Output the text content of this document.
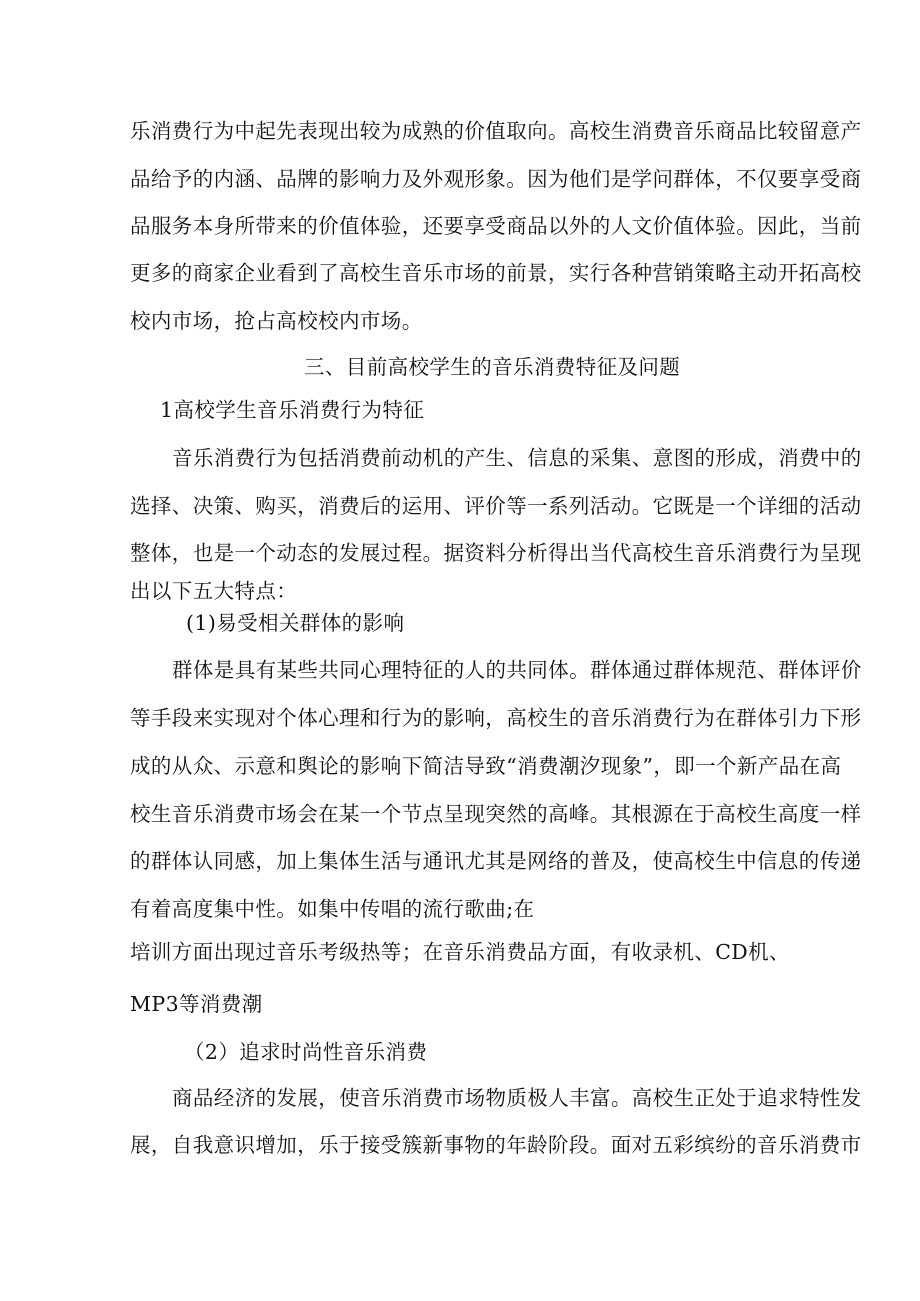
乐消费行为中起先表现出较为成熟的价值取向。高校生消费音乐商品比较留意产
品给予的内涵、品牌的影响力及外观形象。因为他们是学问群体，不仅要享受商
品服务本身所带来的价值体验，还要享受商品以外的人文价值体验。因此，当前
更多的商家企业看到了高校生音乐市场的前景，实行各种营销策略主动开拓高校
校内市场，抢占高校校内市场。
三、目前高校学生的音乐消费特征及问题
1高校学生音乐消费行为特征
音乐消费行为包括消费前动机的产生、信息的采集、意图的形成，消费中的
选择、决策、购买，消费后的运用、评价等一系列活动。它既是一个详细的活动
整体，也是一个动态的发展过程。据资料分析得出当代高校生音乐消费行为呈现
出以下五大特点：
(1)易受相关群体的影响
群体是具有某些共同心理特征的人的共同体。群体通过群体规范、群体评价
等手段来实现对个体心理和行为的影响，高校生的音乐消费行为在群体引力下形
成的从众、示意和舆论的影响下简洁导致“消费潮汐现象”，即一个新产品在高
校生音乐消费市场会在某一个节点呈现突然的高峰。其根源在于高校生高度一样
的群体认同感，加上集体生活与通讯尤其是网络的普及，使高校生中信息的传递
有着高度集中性。如集中传唱的流行歌曲;在
培训方面出现过音乐考级热等；在音乐消费品方面，有收录机、CD机、
MP3等消费潮
（2）追求时尚性音乐消费
商品经济的发展，使音乐消费市场物质极人丰富。高校生正处于追求特性发
展，自我意识增加，乐于接受簇新事物的年龄阶段。面对五彩缤纷的音乐消费市
